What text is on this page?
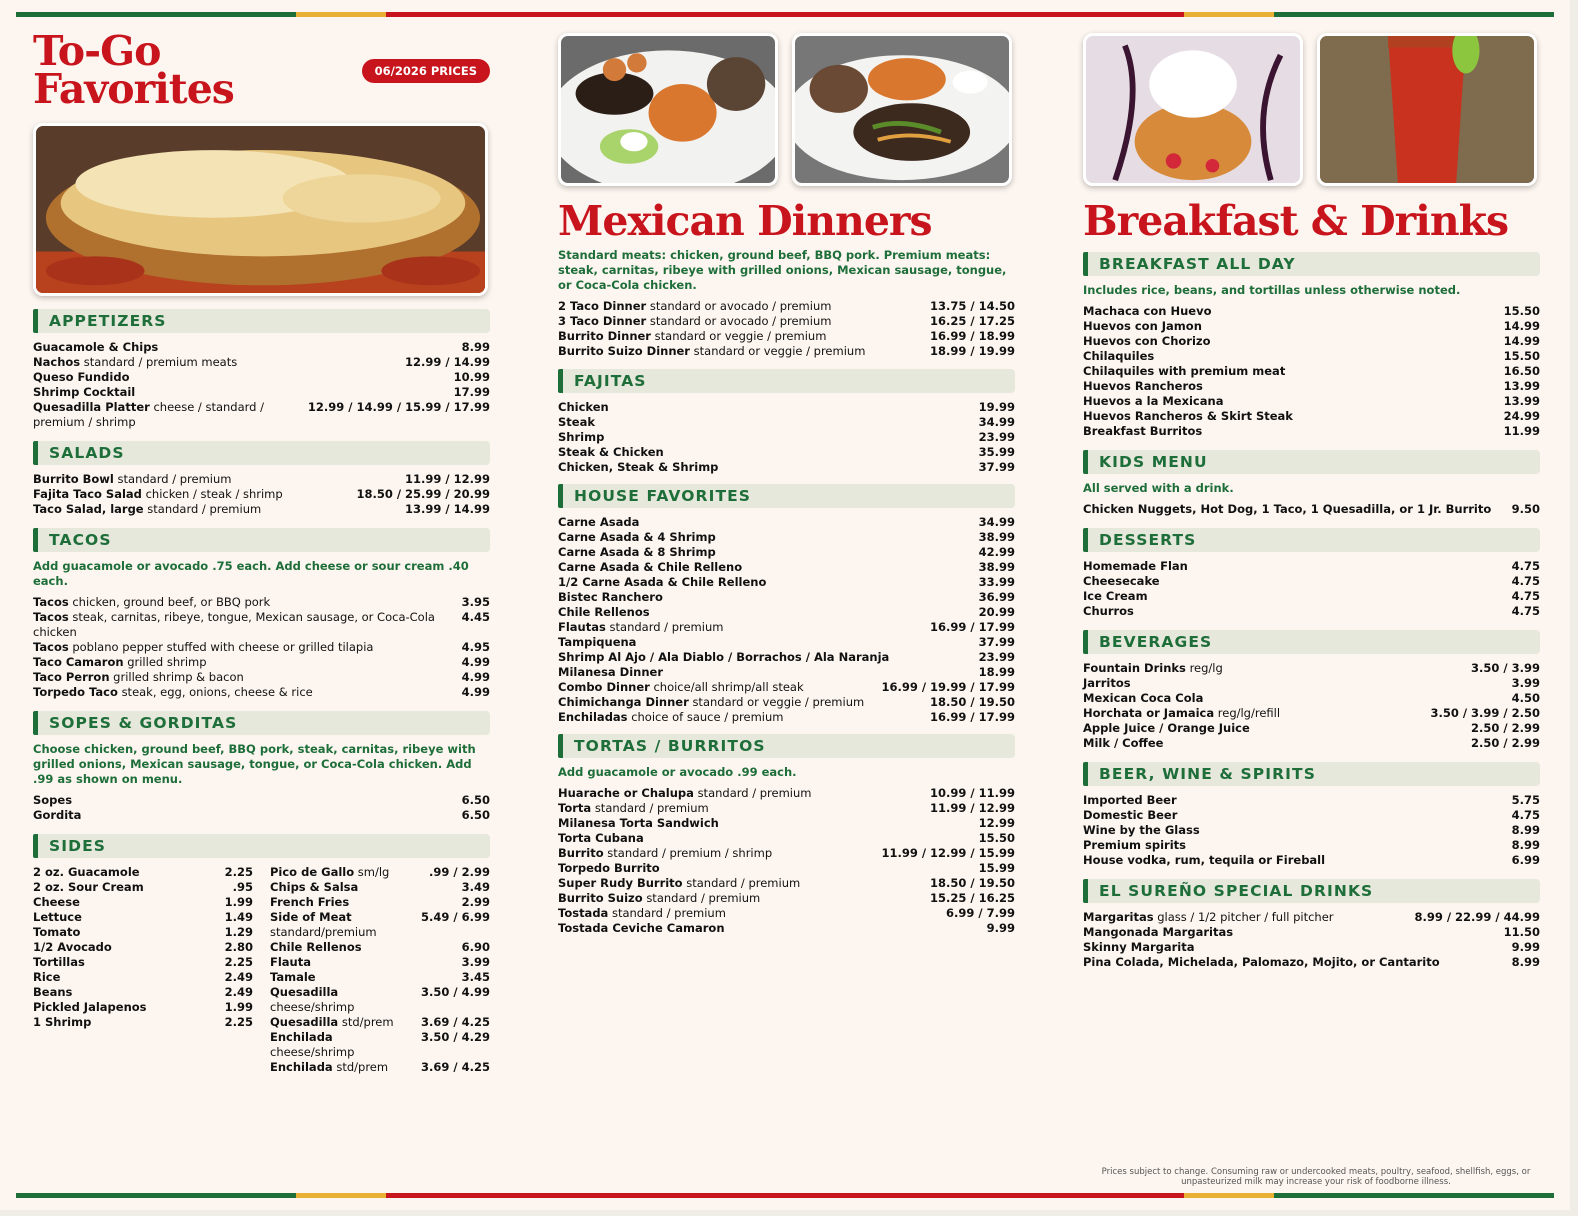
To-Go Favorites	06/2026 PRICES
APPETIZERS
Guacamole & Chips	8.99
Nachos standard / premium meats	12.99 / 14.99
Queso Fundido	10.99
Shrimp Cocktail	17.99
Quesadilla Platter cheese / standard / premium / shrimp
12.99 / 14.99 / 15.99 / 17.99
SALADS
Burrito Bowl standard / premium	11.99 / 12.99
Fajita Taco Salad chicken / steak / shrimp	18.50 / 25.99 / 20.99
Taco Salad, large standard / premium	13.99 / 14.99
TACOS
Add guacamole or avocado .75 each. Add cheese or sour cream .40 each.
Tacos chicken, ground beef, or BBQ pork	3.95
Tacos steak, carnitas, ribeye, tongue, Mexican sausage, or Coca-Cola chicken
4.45
Tacos poblano pepper stuffed with cheese or grilled tilapia	4.95
Taco Camaron grilled shrimp	4.99
Taco Perron grilled shrimp & bacon	4.99
Torpedo Taco steak, egg, onions, cheese & rice	4.99
SOPES & GORDITAS
Choose chicken, ground beef, BBQ pork, steak, carnitas, ribeye with grilled onions, Mexican sausage, tongue, or Coca-Cola chicken. Add .99 as shown on menu.
Sopes	6.50
Gordita	6.50
SIDES
2 oz. Guacamole	2.25
2 oz. Sour Cream	.95
Cheese	1.99
Lettuce	1.49
Tomato	1.29
1/2 Avocado	2.80
Tortillas	2.25
Rice	2.49
Beans	2.49
Pickled Jalapenos	1.99
1 Shrimp	2.25
Pico de Gallo sm/lg	.99 / 2.99
Chips & Salsa	3.49
French Fries	2.99
Side of Meat standard/premium
5.49 / 6.99
Chile Rellenos	6.90
Flauta	3.99
Tamale	3.45
Quesadilla cheese/shrimp
3.50 / 4.99
Quesadilla std/prem	3.69 / 4.25
Enchilada cheese/shrimp
3.50 / 4.29
Enchilada std/prem	3.69 / 4.25
Mexican Dinners
Standard meats: chicken, ground beef, BBQ pork. Premium meats: steak, carnitas, ribeye with grilled onions, Mexican sausage, tongue, or Coca-Cola chicken.
2 Taco Dinner standard or avocado / premium	13.75 / 14.50
3 Taco Dinner standard or avocado / premium	16.25 / 17.25
Burrito Dinner standard or veggie / premium	16.99 / 18.99
Burrito Suizo Dinner standard or veggie / premium	18.99 / 19.99
FAJITAS
Chicken	19.99
Steak	34.99
Shrimp	23.99
Steak & Chicken	35.99
Chicken, Steak & Shrimp	37.99
HOUSE FAVORITES
Carne Asada	34.99
Carne Asada & 4 Shrimp	38.99
Carne Asada & 8 Shrimp	42.99
Carne Asada & Chile Relleno	38.99
1/2 Carne Asada & Chile Relleno	33.99
Bistec Ranchero	36.99
Chile Rellenos	20.99
Flautas standard / premium	16.99 / 17.99
Tampiquena	37.99
Shrimp Al Ajo / Ala Diablo / Borrachos / Ala Naranja	23.99
Milanesa Dinner	18.99
Combo Dinner choice/all shrimp/all steak	16.99 / 19.99 / 17.99
Chimichanga Dinner standard or veggie / premium	18.50 / 19.50
Enchiladas choice of sauce / premium	16.99 / 17.99
TORTAS / BURRITOS
Add guacamole or avocado .99 each.
Huarache or Chalupa standard / premium	10.99 / 11.99
Torta standard / premium	11.99 / 12.99
Milanesa Torta Sandwich	12.99
Torta Cubana	15.50
Burrito standard / premium / shrimp	11.99 / 12.99 / 15.99
Torpedo Burrito	15.99
Super Rudy Burrito standard / premium	18.50 / 19.50
Burrito Suizo standard / premium	15.25 / 16.25
Tostada standard / premium	6.99 / 7.99
Tostada Ceviche Camaron	9.99
Breakfast & Drinks
BREAKFAST ALL DAY
Includes rice, beans, and tortillas unless otherwise noted.
Machaca con Huevo	15.50
Huevos con Jamon	14.99
Huevos con Chorizo	14.99
Chilaquiles	15.50
Chilaquiles with premium meat	16.50
Huevos Rancheros	13.99
Huevos a la Mexicana	13.99
Huevos Rancheros & Skirt Steak	24.99
Breakfast Burritos	11.99
KIDS MENU
All served with a drink.
Chicken Nuggets, Hot Dog, 1 Taco, 1 Quesadilla, or 1 Jr. Burrito	9.50
DESSERTS
Homemade Flan	4.75
Cheesecake	4.75
Ice Cream	4.75
Churros	4.75
BEVERAGES
Fountain Drinks reg/lg	3.50 / 3.99
Jarritos	3.99
Mexican Coca Cola	4.50
Horchata or Jamaica reg/lg/refill	3.50 / 3.99 / 2.50
Apple Juice / Orange Juice	2.50 / 2.99
Milk / Coffee	2.50 / 2.99
BEER, WINE & SPIRITS
Imported Beer	5.75
Domestic Beer	4.75
Wine by the Glass	8.99
Premium spirits	8.99
House vodka, rum, tequila or Fireball	6.99
EL SUREÑO SPECIAL DRINKS
Margaritas glass / 1/2 pitcher / full pitcher	8.99 / 22.99 / 44.99
Mangonada Margaritas	11.50
Skinny Margarita	9.99
Pina Colada, Michelada, Palomazo, Mojito, or Cantarito	8.99
Prices subject to change. Consuming raw or undercooked meats, poultry, seafood, shellfish, eggs, or unpasteurized milk may increase your risk of foodborne illness.
